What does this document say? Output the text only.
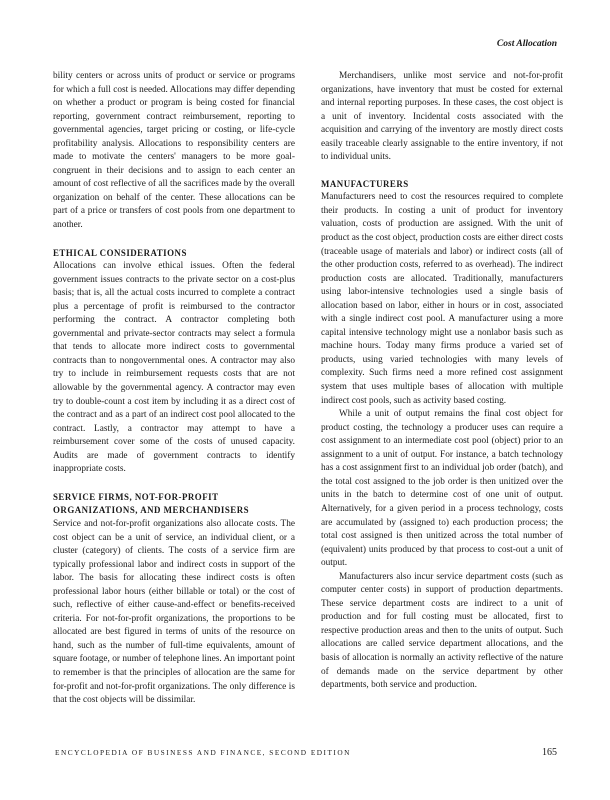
Cost Allocation

bility centers or across units of product or service or programs for which a full cost is needed. Allocations may differ depending on whether a product or program is being costed for financial reporting, government contract reimbursement, reporting to governmental agencies, target pricing or costing, or life-cycle profitability analysis. Allocations to responsibility centers are made to motivate the centers' managers to be more goal-congruent in their decisions and to assign to each center an amount of cost reflective of all the sacrifices made by the overall organization on behalf of the center. These allocations can be part of a price or transfers of cost pools from one department to another.

ETHICAL CONSIDERATIONS

Allocations can involve ethical issues. Often the federal government issues contracts to the private sector on a cost-plus basis; that is, all the actual costs incurred to complete a contract plus a percentage of profit is reimbursed to the contractor performing the contract. A contractor completing both governmental and private-sector contracts may select a formula that tends to allocate more indirect costs to governmental contracts than to nongovernmental ones. A contractor may also try to include in reimbursement requests costs that are not allowable by the governmental agency. A contractor may even try to double-count a cost item by including it as a direct cost of the contract and as a part of an indirect cost pool allocated to the contract. Lastly, a contractor may attempt to have a reimbursement cover some of the costs of unused capacity. Audits are made of government contracts to identify inappropriate costs.

SERVICE FIRMS, NOT-FOR-PROFIT ORGANIZATIONS, AND MERCHANDISERS

Service and not-for-profit organizations also allocate costs. The cost object can be a unit of service, an individual client, or a cluster (category) of clients. The costs of a service firm are typically professional labor and indirect costs in support of the labor. The basis for allocating these indirect costs is often professional labor hours (either billable or total) or the cost of such, reflective of either cause-and-effect or benefits-received criteria. For not-for-profit organizations, the proportions to be allocated are best figured in terms of units of the resource on hand, such as the number of full-time equivalents, amount of square footage, or number of telephone lines. An important point to remember is that the principles of allocation are the same for for-profit and not-for-profit organizations. The only difference is that the cost objects will be dissimilar.

Merchandisers, unlike most service and not-for-profit organizations, have inventory that must be costed for external and internal reporting purposes. In these cases, the cost object is a unit of inventory. Incidental costs associated with the acquisition and carrying of the inventory are mostly direct costs easily traceable clearly assignable to the entire inventory, if not to individual units.

MANUFACTURERS

Manufacturers need to cost the resources required to complete their products. In costing a unit of product for inventory valuation, costs of production are assigned. With the unit of product as the cost object, production costs are either direct costs (traceable usage of materials and labor) or indirect costs (all of the other production costs, referred to as overhead). The indirect production costs are allocated. Traditionally, manufacturers using labor-intensive technologies used a single basis of allocation based on labor, either in hours or in cost, associated with a single indirect cost pool. A manufacturer using a more capital intensive technology might use a nonlabor basis such as machine hours. Today many firms produce a varied set of products, using varied technologies with many levels of complexity. Such firms need a more refined cost assignment system that uses multiple bases of allocation with multiple indirect cost pools, such as activity based costing.

While a unit of output remains the final cost object for product costing, the technology a producer uses can require a cost assignment to an intermediate cost pool (object) prior to an assignment to a unit of output. For instance, a batch technology has a cost assignment first to an individual job order (batch), and the total cost assigned to the job order is then unitized over the units in the batch to determine cost of one unit of output. Alternatively, for a given period in a process technology, costs are accumulated by (assigned to) each production process; the total cost assigned is then unitized across the total number of (equivalent) units produced by that process to cost-out a unit of output.

Manufacturers also incur service department costs (such as computer center costs) in support of production departments. These service department costs are indirect to a unit of production and for full costing must be allocated, first to respective production areas and then to the units of output. Such allocations are called service department allocations, and the basis of allocation is normally an activity reflective of the nature of demands made on the service department by other departments, both service and production.

ENCYCLOPEDIA OF BUSINESS AND FINANCE, SECOND EDITION	165
